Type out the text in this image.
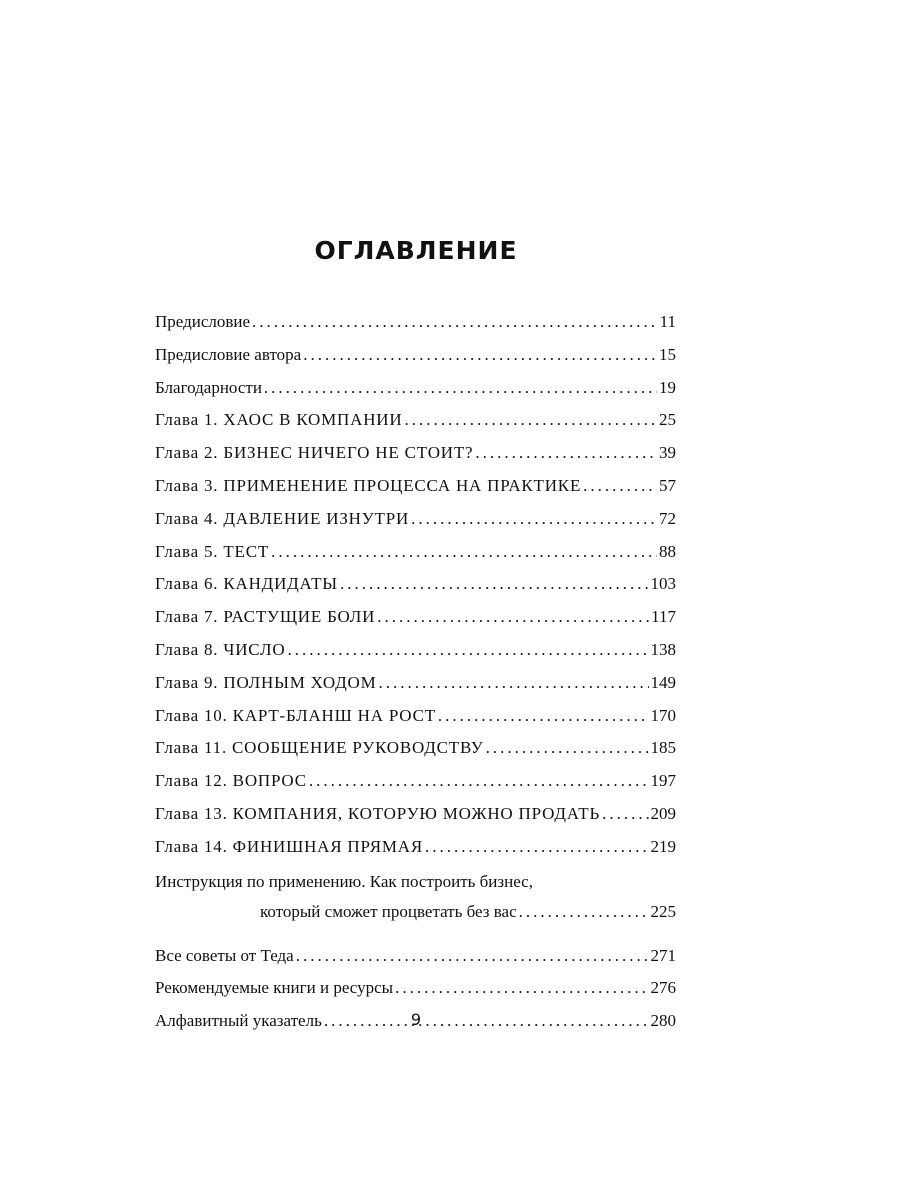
ОГЛАВЛЕНИЕ
Предисловие .....	11
Предисловие автора .....	15
Благодарности .....	19
Глава 1. ХАОС В КОМПАНИИ .....	25
Глава 2. БИЗНЕС НИЧЕГО НЕ СТОИТ? .....	39
Глава 3. ПРИМЕНЕНИЕ ПРОЦЕССА НА ПРАКТИКЕ .....	57
Глава 4. ДАВЛЕНИЕ ИЗНУТРИ .....	72
Глава 5. ТЕСТ .....	88
Глава 6. КАНДИДАТЫ .....	103
Глава 7. РАСТУЩИЕ БОЛИ .....	117
Глава 8. ЧИСЛО .....	138
Глава 9. ПОЛНЫМ ХОДОМ .....	149
Глава 10. КАРТ-БЛАНШ НА РОСТ .....	170
Глава 11. СООБЩЕНИЕ РУКОВОДСТВУ .....	185
Глава 12. ВОПРОС .....	197
Глава 13. КОМПАНИЯ, КОТОРУЮ МОЖНО ПРОДАТЬ .....	209
Глава 14. ФИНИШНАЯ ПРЯМАЯ .....	219
Инструкция по применению. Как построить бизнес,
который сможет процветать без вас .....	225
Все советы от Теда .....	271
Рекомендуемые книги и ресурсы .....	276
Алфавитный указатель .....	280
9
